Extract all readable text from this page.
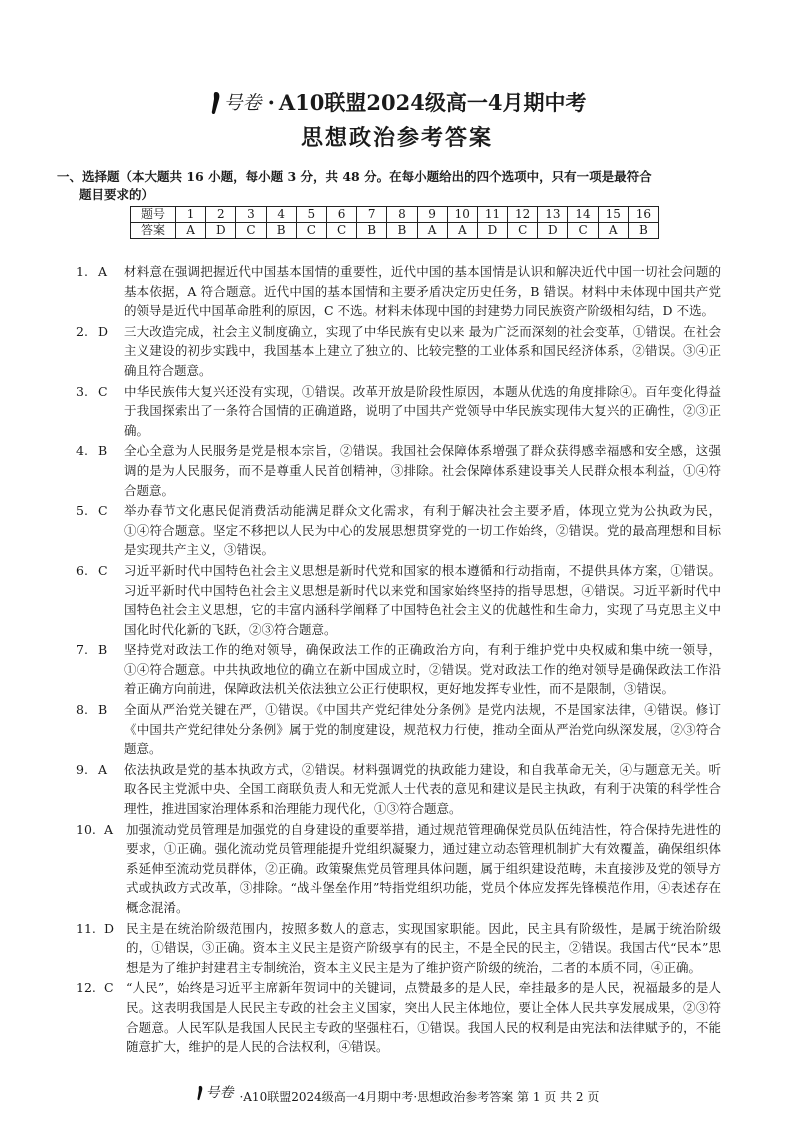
号卷 · A10联盟2024级高一4月期中考
思想政治参考答案
一、选择题（本大题共 16 小题，每小题 3 分，共 48 分。在每小题给出的四个选项中，只有一项是最符合
题目要求的）
题号	1	2	3	4	5	6	7	8	9	10	11	12	13	14	15	16
答案	A	D	C	B	C	C	B	B	A	A	D	C	D	C	A	B
1. A	材料意在强调把握近代中国基本国情的重要性，近代中国的基本国情是认识和解决近代中国一切社会问题的基本依据，A 符合题意。近代中国的基本国情和主要矛盾决定历史任务，B 错误。材料中未体现中国共产党的领导是近代中国革命胜利的原因，C 不选。材料未体现中国的封建势力同民族资产阶级相勾结，D 不选。
2. D	三大改造完成，社会主义制度确立，实现了中华民族有史以来 最为广泛而深刻的社会变革，①错误。在社会主义建设的初步实践中，我国基本上建立了独立的、比较完整的工业体系和国民经济体系，②错误。③④正确且符合题意。
3. C	中华民族伟大复兴还没有实现，①错误。改革开放是阶段性原因，本题从优选的角度排除④。百年变化得益于我国探索出了一条符合国情的正确道路，说明了中国共产党领导中华民族实现伟大复兴的正确性，②③正确。
4. B	全心全意为人民服务是党是根本宗旨，②错误。我国社会保障体系增强了群众获得感幸福感和安全感，这强调的是为人民服务，而不是尊重人民首创精神，③排除。社会保障体系建设事关人民群众根本利益，①④符合题意。
5. C	举办春节文化惠民促消费活动能满足群众文化需求，有利于解决社会主要矛盾，体现立党为公执政为民，①④符合题意。坚定不移把以人民为中心的发展思想贯穿党的一切工作始终，②错误。党的最高理想和目标是实现共产主义，③错误。
6. C	习近平新时代中国特色社会主义思想是新时代党和国家的根本遵循和行动指南，不提供具体方案，①错误。习近平新时代中国特色社会主义思想是新时代以来党和国家始终坚持的指导思想，④错误。习近平新时代中国特色社会主义思想，它的丰富内涵科学阐释了中国特色社会主义的优越性和生命力，实现了马克思主义中国化时代化新的飞跃，②③符合题意。
7. B	坚持党对政法工作的绝对领导，确保政法工作的正确政治方向，有利于维护党中央权威和集中统一领导，①④符合题意。中共执政地位的确立在新中国成立时，②错误。党对政法工作的绝对领导是确保政法工作沿着正确方向前进，保障政法机关依法独立公正行使职权，更好地发挥专业性，而不是限制，③错误。
8. B	全面从严治党关键在严，①错误。《中国共产党纪律处分条例》是党内法规，不是国家法律，④错误。修订《中国共产党纪律处分条例》属于党的制度建设，规范权力行使，推动全面从严治党向纵深发展，②③符合题意。
9. A	依法执政是党的基本执政方式，②错误。材料强调党的执政能力建设，和自我革命无关，④与题意无关。听取各民主党派中央、全国工商联负责人和无党派人士代表的意见和建议是民主执政，有利于决策的科学性合理性，推进国家治理体系和治理能力现代化，①③符合题意。
10. A	加强流动党员管理是加强党的自身建设的重要举措，通过规范管理确保党员队伍纯洁性，符合保持先进性的要求，①正确。强化流动党员管理能提升党组织凝聚力，通过建立动态管理机制扩大有效覆盖，确保组织体系延伸至流动党员群体，②正确。政策聚焦党员管理具体问题，属于组织建设范畴，未直接涉及党的领导方式或执政方式改革，③排除。“战斗堡垒作用”特指党组织功能，党员个体应发挥先锋模范作用，④表述存在概念混淆。
11. D 民主是在统治阶级范围内，按照多数人的意志，实现国家职能。因此，民主具有阶级性，是属于统治阶级的，①错误，③正确。资本主义民主是资产阶级享有的民主，不是全民的民主，②错误。我国古代“民本”思想是为了维护封建君主专制统治，资本主义民主是为了维护资产阶级的统治，二者的本质不同，④正确。
12. C “人民”，始终是习近平主席新年贺词中的关键词，点赞最多的是人民，牵挂最多的是人民，祝福最多的是人民。这表明我国是人民民主专政的社会主义国家，突出人民主体地位，要让全体人民共享发展成果，②③符合题意。人民军队是我国人民民主专政的坚强柱石，①错误。我国人民的权利是由宪法和法律赋予的，不能随意扩大，维护的是人民的合法权利，④错误。
号卷 ·A10联盟2024级高一4月期中考·思想政治参考答案 第 1 页 共 2 页
